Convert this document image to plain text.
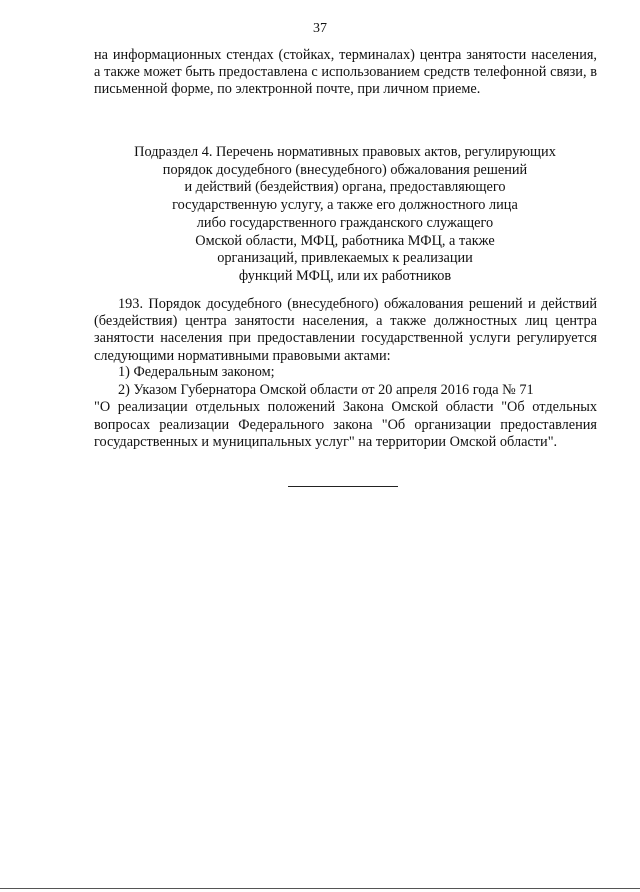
37

на информационных стендах (стойках, терминалах) центра занятости населения, а также может быть предоставлена с использованием средств телефонной связи, в письменной форме, по электронной почте, при личном приеме.

Подраздел 4. Перечень нормативных правовых актов, регулирующих
порядок досудебного (внесудебного) обжалования решений
и действий (бездействия) органа, предоставляющего
государственную услугу, а также его должностного лица
либо государственного гражданского служащего
Омской области, МФЦ, работника МФЦ, а также
организаций, привлекаемых к реализации
функций МФЦ, или их работников

193. Порядок досудебного (внесудебного) обжалования решений и действий (бездействия) центра занятости населения, а также должностных лиц центра занятости населения при предоставлении государственной услуги регулируется следующими нормативными правовыми актами:

1) Федеральным законом;
2) Указом Губернатора Омской области от 20 апреля 2016 года № 71
"О реализации отдельных положений Закона Омской области "Об отдельных вопросах реализации Федерального закона "Об организации предоставления государственных и муниципальных услуг" на территории Омской области".
